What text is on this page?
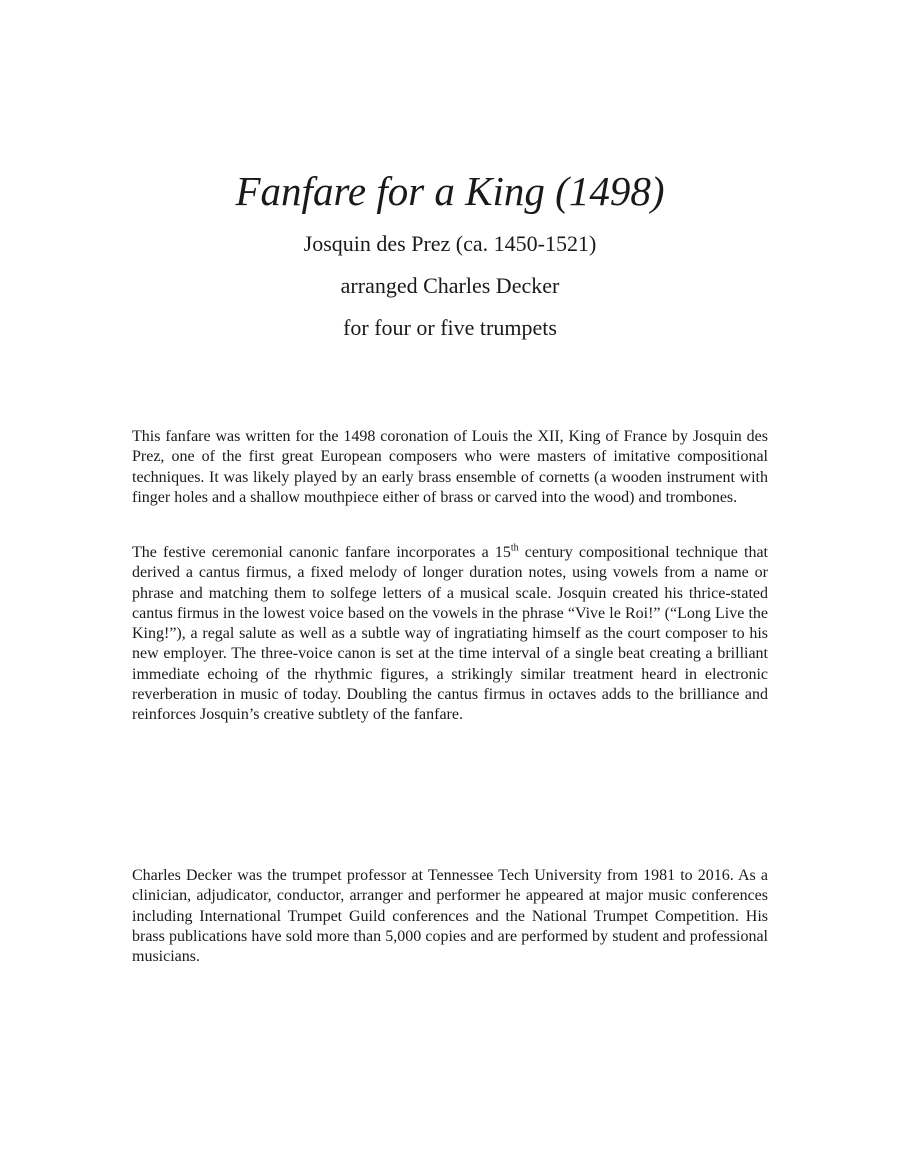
Fanfare for a King (1498)

Josquin des Prez (ca. 1450-1521)

arranged Charles Decker

for four or five trumpets

This fanfare was written for the 1498 coronation of Louis the XII, King of France by Josquin des Prez, one of the first great European composers who were masters of imitative compositional techniques. It was likely played by an early brass ensemble of cornetts (a wooden instrument with finger holes and a shallow mouthpiece either of brass or carved into the wood) and trombones.

The festive ceremonial canonic fanfare incorporates a 15th century compositional technique that derived a cantus firmus, a fixed melody of longer duration notes, using vowels from a name or phrase and matching them to solfege letters of a musical scale. Josquin created his thrice-stated cantus firmus in the lowest voice based on the vowels in the phrase “Vive le Roi!” (“Long Live the King!”), a regal salute as well as a subtle way of ingratiating himself as the court composer to his new employer. The three-voice canon is set at the time interval of a single beat creating a brilliant immediate echoing of the rhythmic figures, a strikingly similar treatment heard in electronic reverberation in music of today. Doubling the cantus firmus in octaves adds to the brilliance and reinforces Josquin’s creative subtlety of the fanfare.

Charles Decker was the trumpet professor at Tennessee Tech University from 1981 to 2016. As a clinician, adjudicator, conductor, arranger and performer he appeared at major music conferences including International Trumpet Guild conferences and the National Trumpet Competition. His brass publications have sold more than 5,000 copies and are performed by student and professional musicians.
